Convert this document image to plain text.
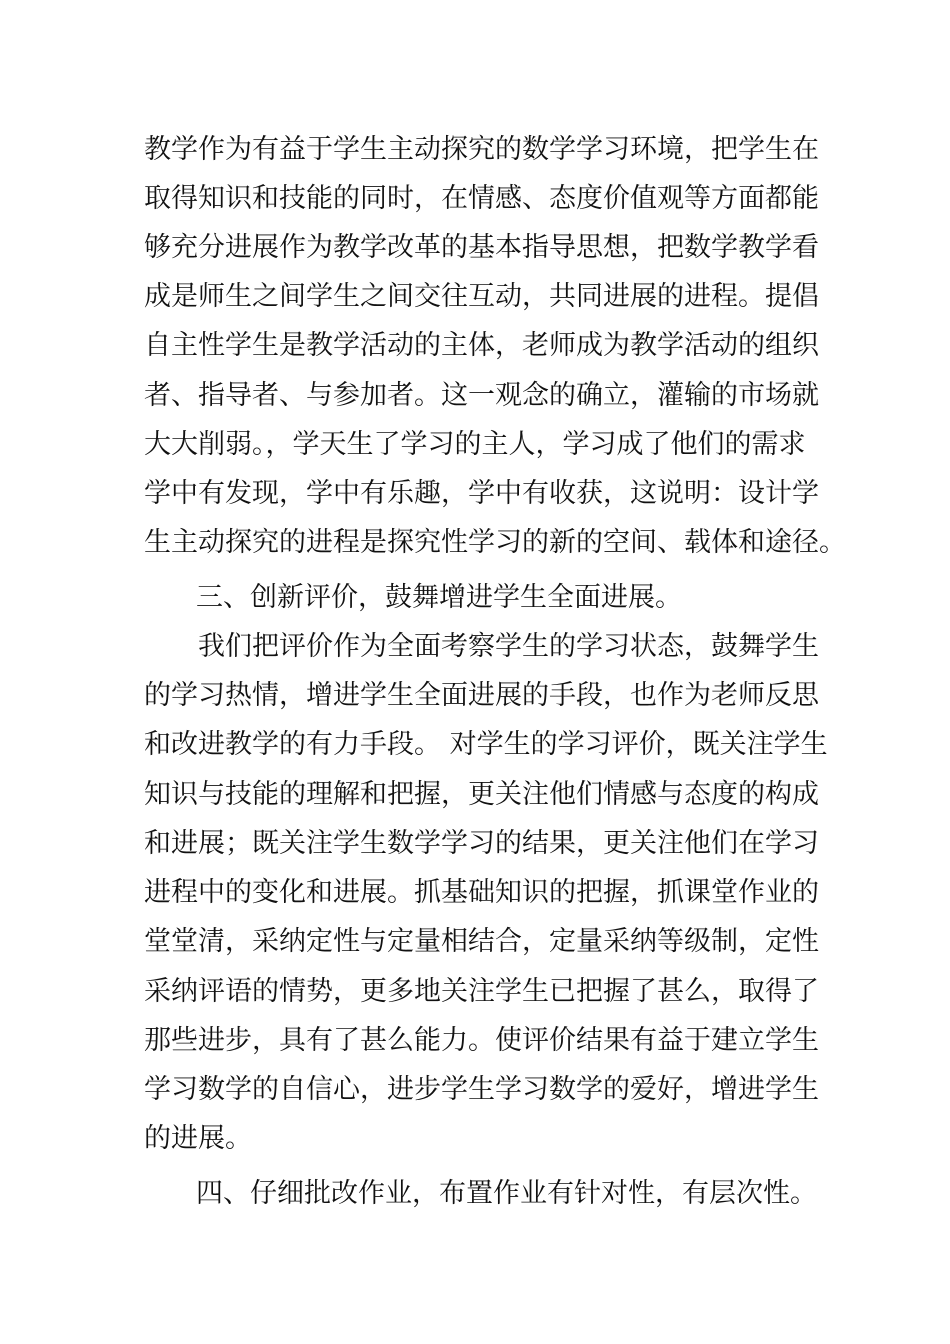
教学作为有益于学生主动探究的数学学习环境，把学生在
取得知识和技能的同时，在情感、态度价值观等方面都能
够充分进展作为教学改革的基本指导思想，把数学教学看
成是师生之间学生之间交往互动，共同进展的进程。提倡
自主性学生是教学活动的主体，老师成为教学活动的组织
者、指导者、与参加者。这一观念的确立，灌输的市场就
大大削弱。，学天生了学习的主人，学习成了他们的需求
学中有发现，学中有乐趣，学中有收获，这说明：设计学
生主动探究的进程是探究性学习的新的空间、载体和途径。
三、创新评价，鼓舞增进学生全面进展。
我们把评价作为全面考察学生的学习状态，鼓舞学生
的学习热情，增进学生全面进展的手段，也作为老师反思
和改进教学的有力手段。 对学生的学习评价，既关注学生
知识与技能的理解和把握，更关注他们情感与态度的构成
和进展；既关注学生数学学习的结果，更关注他们在学习
进程中的变化和进展。抓基础知识的把握，抓课堂作业的
堂堂清，采纳定性与定量相结合，定量采纳等级制，定性
采纳评语的情势，更多地关注学生已把握了甚么，取得了
那些进步，具有了甚么能力。使评价结果有益于建立学生
学习数学的自信心，进步学生学习数学的爱好，增进学生
的进展。
四、仔细批改作业，布置作业有针对性，有层次性。
